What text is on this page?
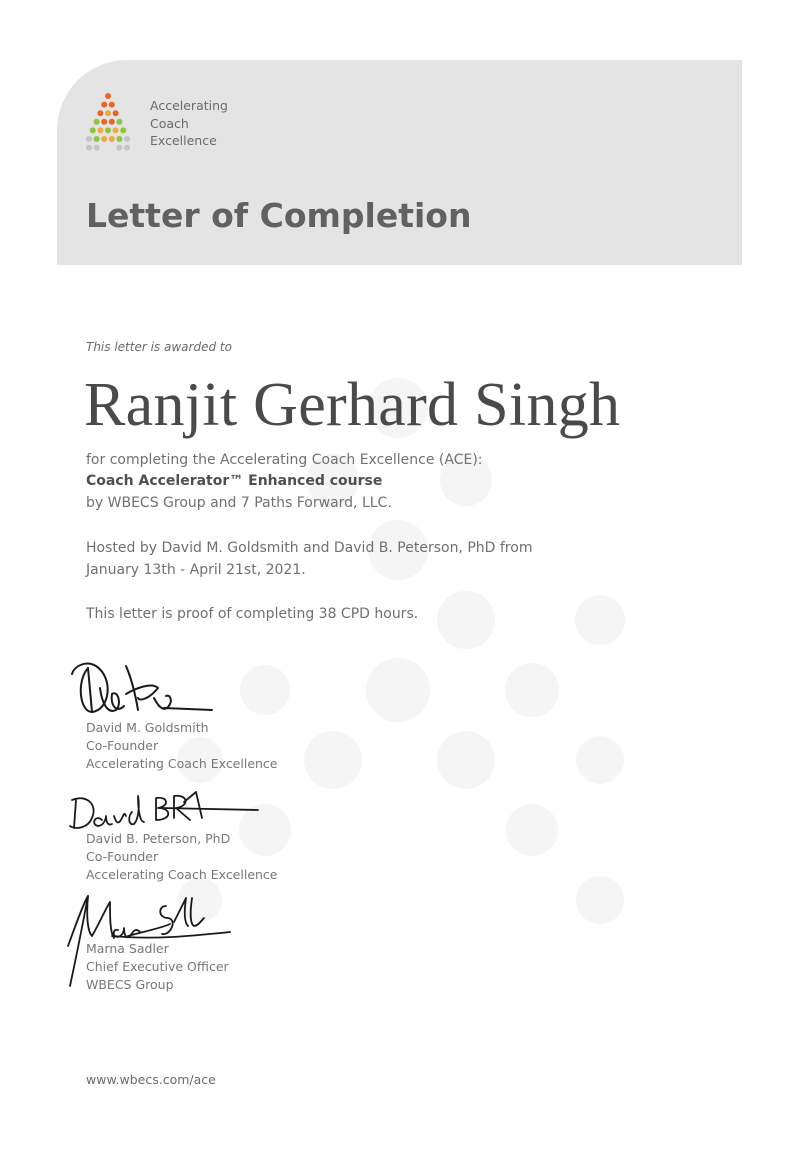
Accelerating
Coach
Excellence
Letter of Completion
This letter is awarded to
Ranjit Gerhard Singh
for completing the Accelerating Coach Excellence (ACE):
Coach Accelerator™ Enhanced course
by WBECS Group and 7 Paths Forward, LLC.
Hosted by David M. Goldsmith and David B. Peterson, PhD from
January 13th - April 21st, 2021.
This letter is proof of completing 38 CPD hours.
David M. Goldsmith
Co-Founder
Accelerating Coach Excellence
David B. Peterson, PhD
Co-Founder
Accelerating Coach Excellence
Marna Sadler
Chief Executive Officer
WBECS Group
www.wbecs.com/ace
